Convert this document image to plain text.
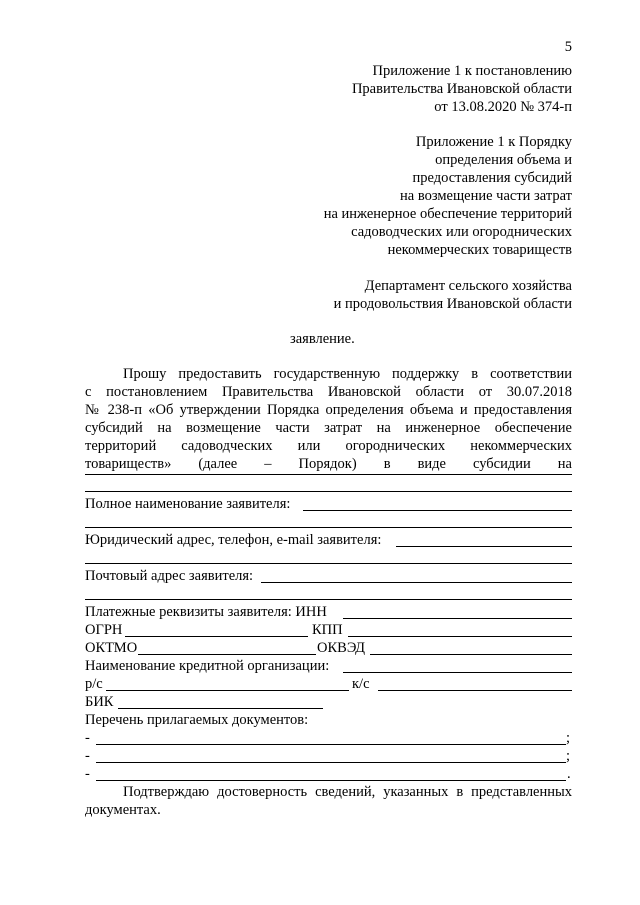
5
Приложение 1 к постановлению
Правительства Ивановской области
от 13.08.2020 № 374-п
Приложение 1 к Порядку
определения объема и
предоставления субсидий
на возмещение части затрат
на инженерное обеспечение территорий
садоводческих или огороднических
некоммерческих товариществ
Департамент сельского хозяйства
и продовольствия Ивановской области
заявление.
Прошу предоставить государственную поддержку в соответствии
с постановлением Правительства Ивановской области от 30.07.2018
№ 238-п «Об утверждении Порядка определения объема и предоставления
субсидий на возмещение части затрат на инженерное обеспечение
территорий садоводческих или огороднических некоммерческих
товариществ» (далее – Порядок) в виде субсидии на
Полное наименование заявителя:
Юридический адрес, телефон, e-mail заявителя:
Почтовый адрес заявителя:
Платежные реквизиты заявителя: ИНН
ОГРН	КПП
ОКТМО	ОКВЭД
Наименование кредитной организации:
р/с	к/с
БИК
Перечень прилагаемых документов:
-	;
-	;
-	.
Подтверждаю достоверность сведений, указанных в представленных
документах.
